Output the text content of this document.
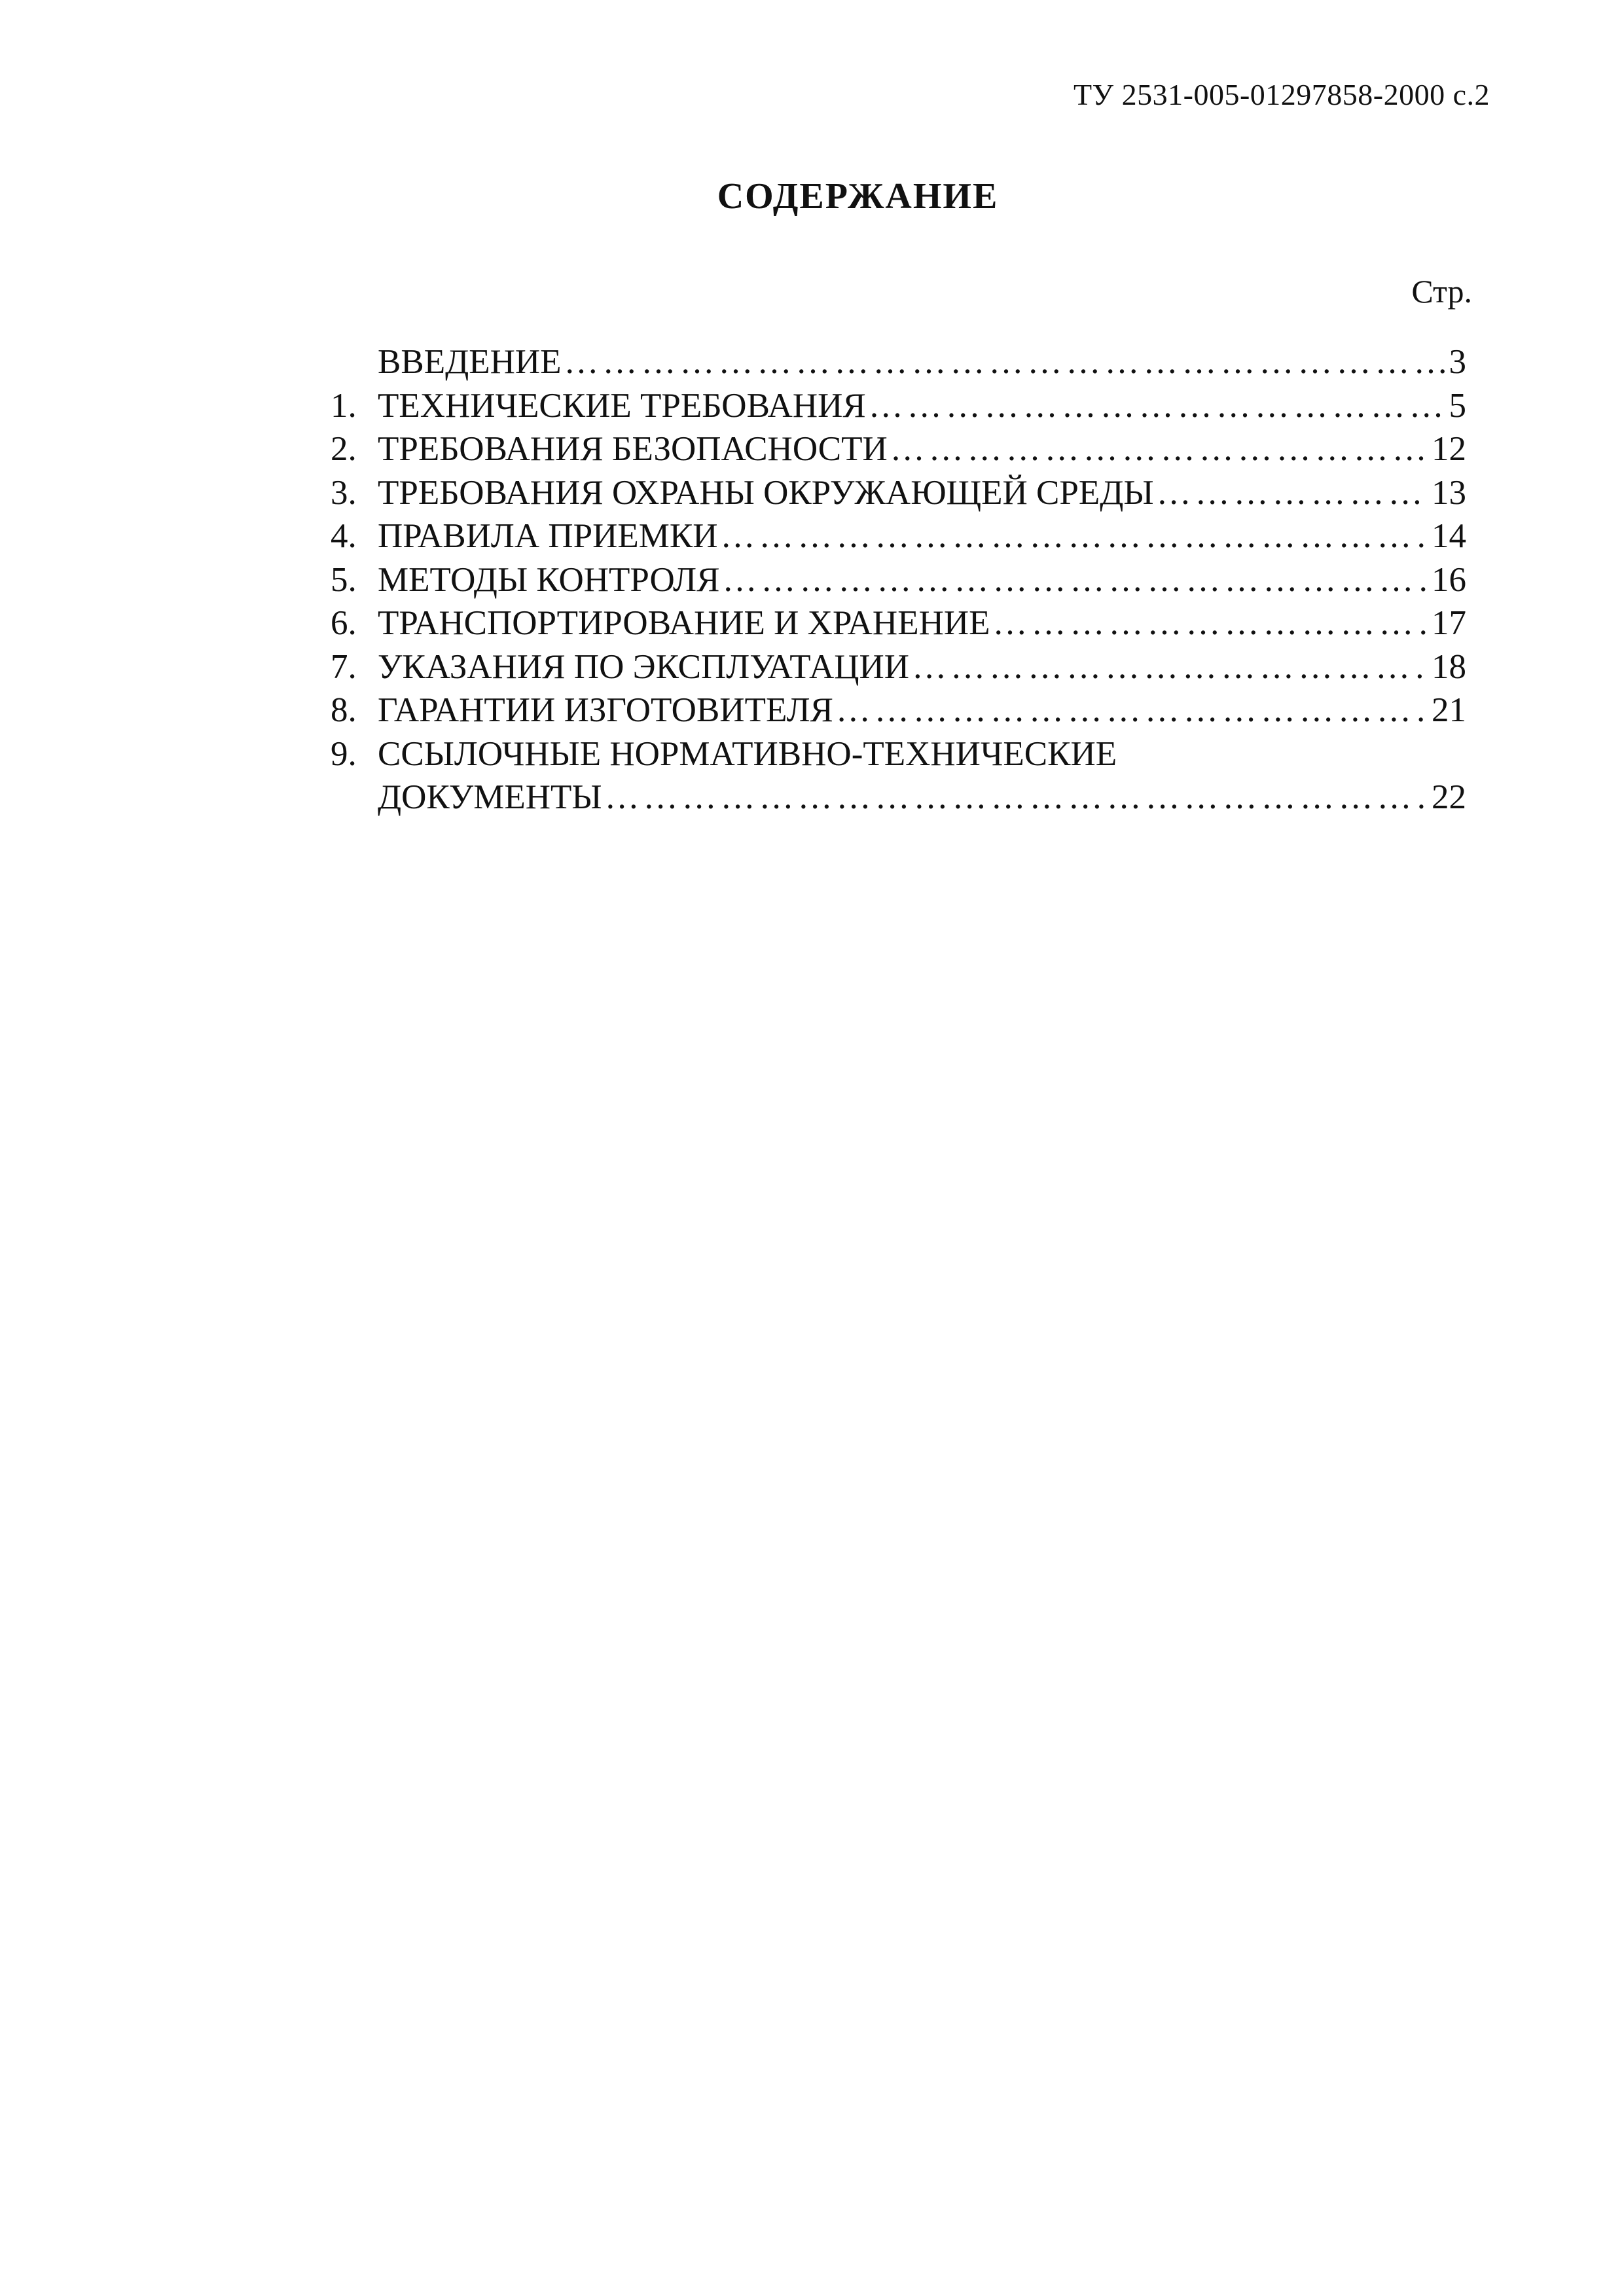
ТУ 2531-005-01297858-2000 с.2
СОДЕРЖАНИЕ
Стр.
ВВЕДЕНИЕ …………………………………………………………………………………………………………………………………………	3
1. ТЕХНИЧЕСКИЕ ТРЕБОВАНИЯ …………………………………………………………………………………………………………………………………………	5
2. ТРЕБОВАНИЯ БЕЗОПАСНОСТИ …………………………………………………………………………………………………………………………………………	12
3. ТРЕБОВАНИЯ ОХРАНЫ ОКРУЖАЮЩЕЙ СРЕДЫ …………………………………………………………………………………………………………………………………………	13
4. ПРАВИЛА ПРИЕМКИ …………………………………………………………………………………………………………………………………………	14
5. МЕТОДЫ КОНТРОЛЯ …………………………………………………………………………………………………………………………………………	16
6. ТРАНСПОРТИРОВАНИЕ И ХРАНЕНИЕ …………………………………………………………………………………………………………………………………………	17
7. УКАЗАНИЯ ПО ЭКСПЛУАТАЦИИ …………………………………………………………………………………………………………………………………………	18
8. ГАРАНТИИ ИЗГОТОВИТЕЛЯ …………………………………………………………………………………………………………………………………………	21
9. ССЫЛОЧНЫЕ НОРМАТИВНО-ТЕХНИЧЕСКИЕ
ДОКУМЕНТЫ …………………………………………………………………………………………………………………………………………	22
